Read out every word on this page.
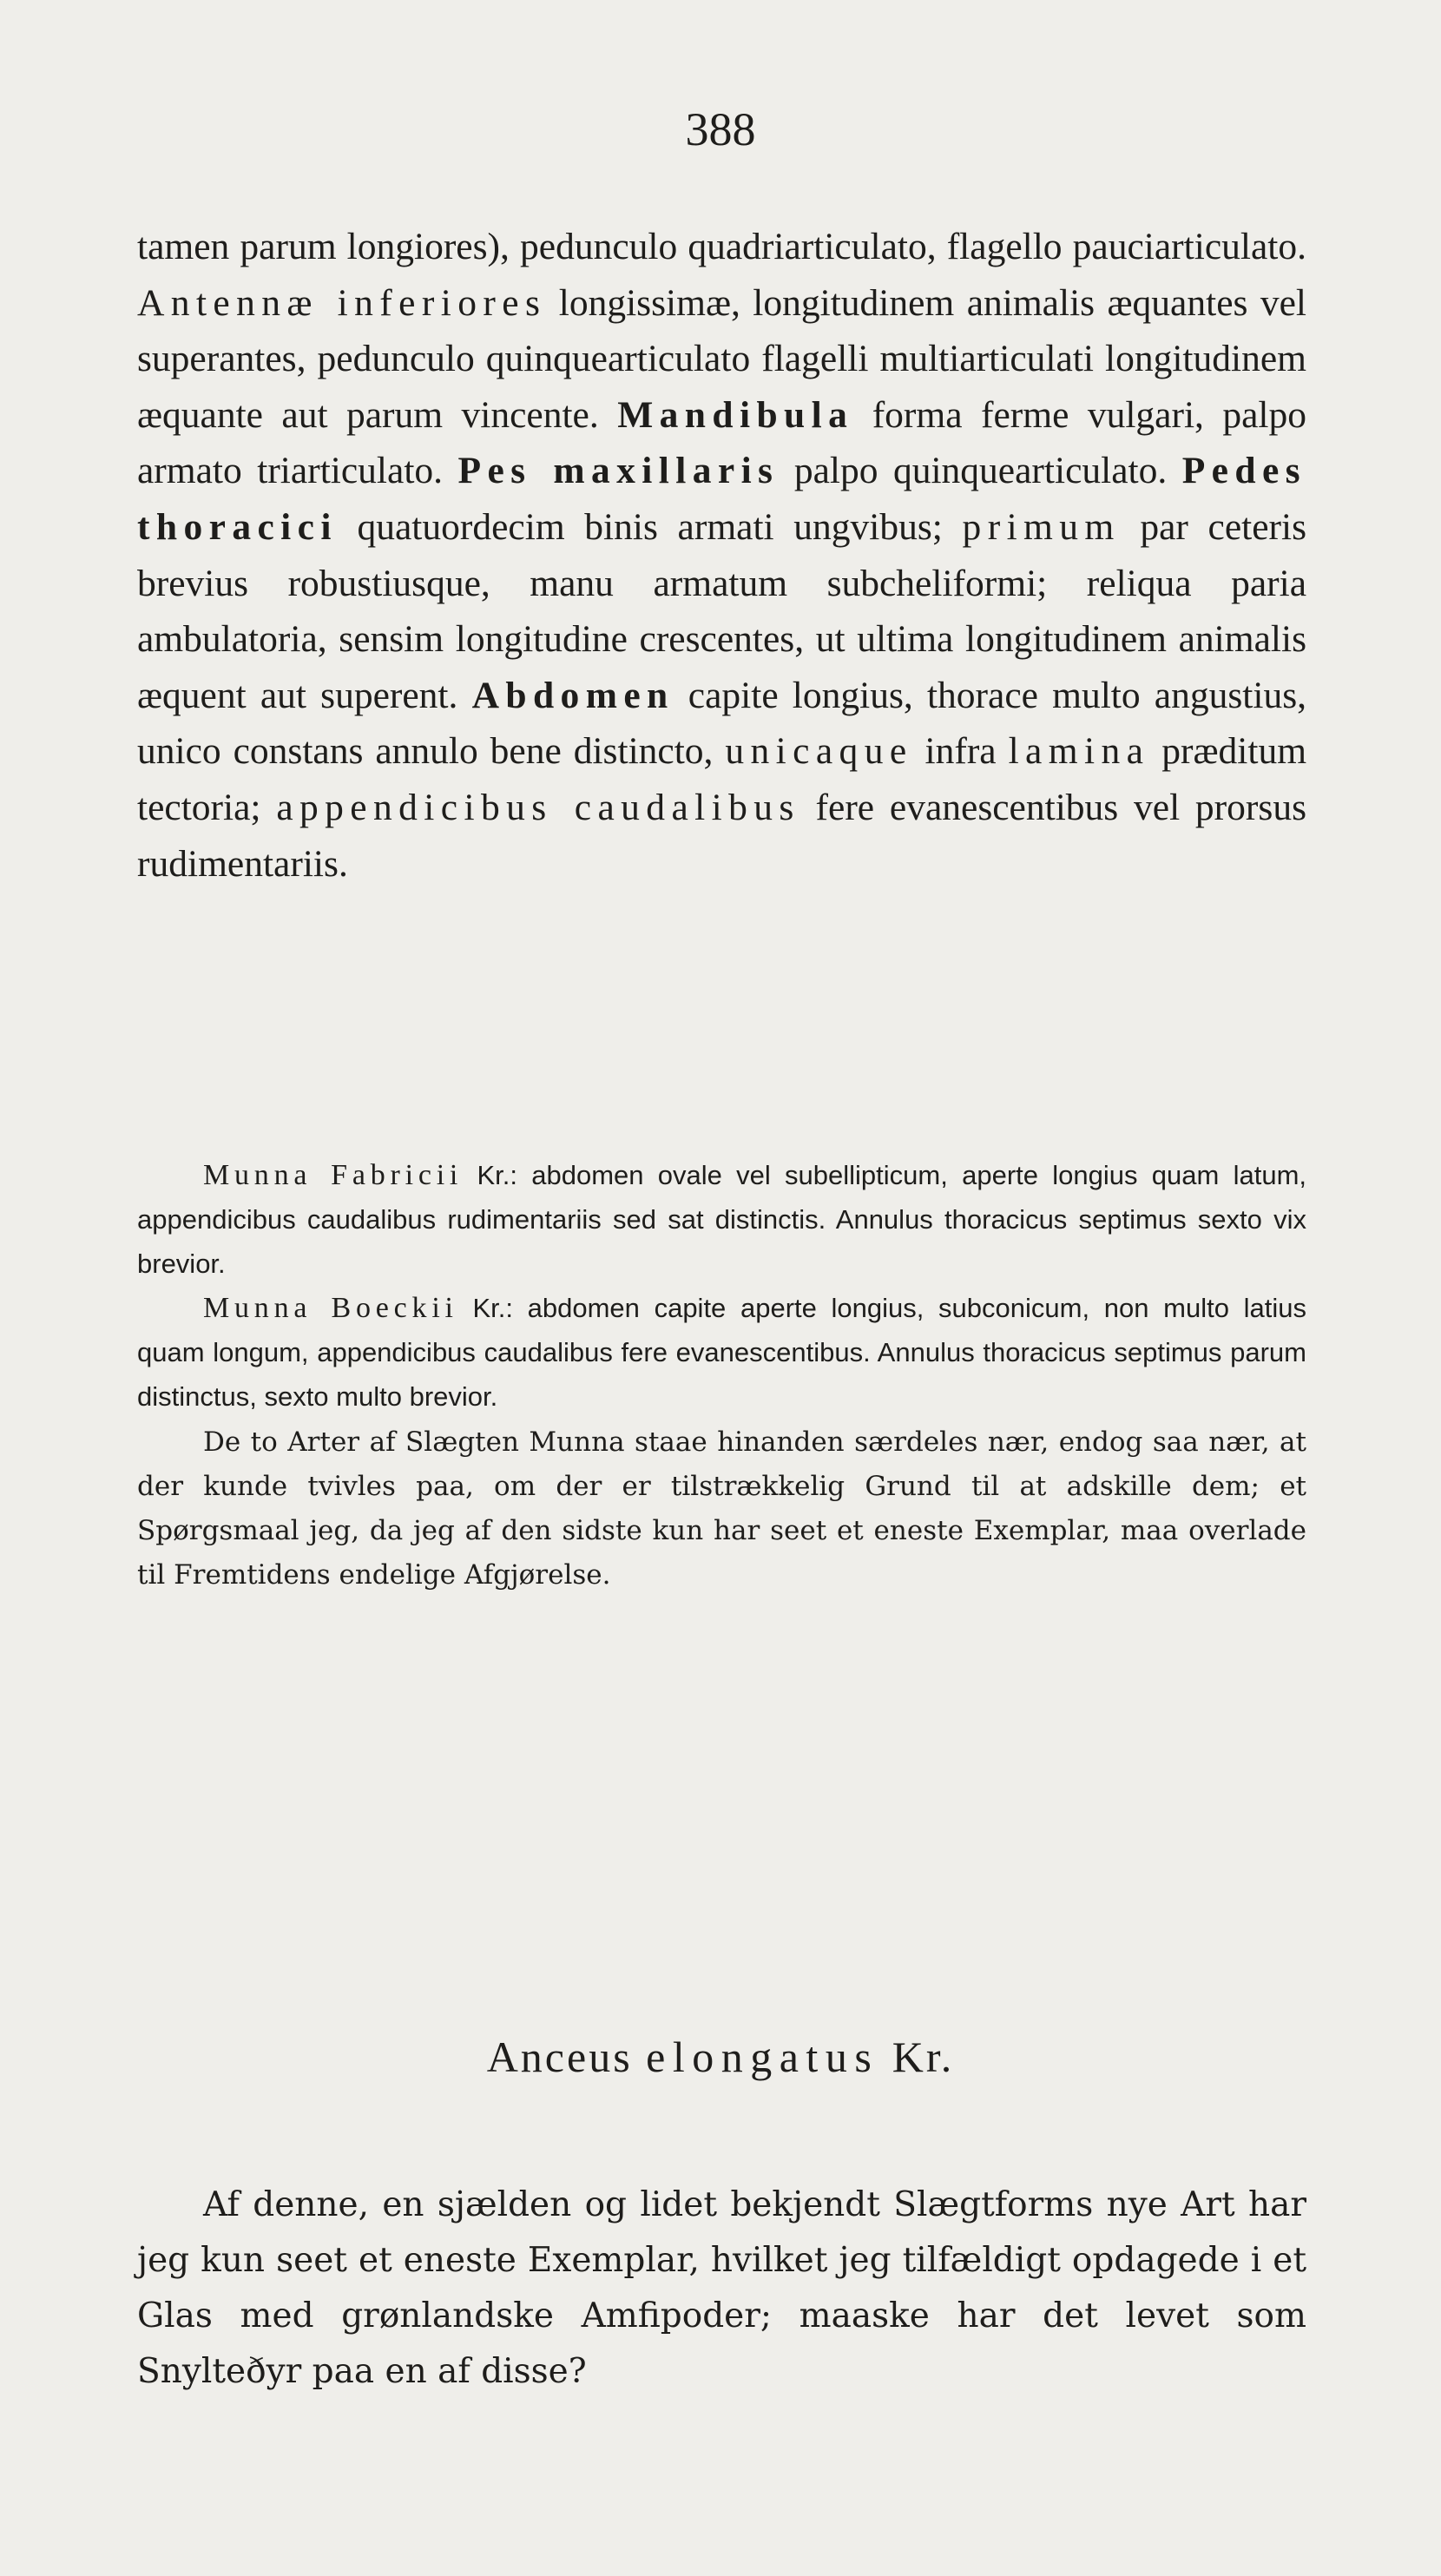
388

tamen parum longiores), pedunculo quadriarticulato, flagello pauciarticulato. Antennæ inferiores longissimæ, longitudinem animalis æquantes vel superantes, pedunculo quinquearticulato flagelli multiarticulati longitudinem æquante aut parum vincente. Mandibula forma ferme vulgari, palpo armato triarticulato. Pes maxillaris palpo quinquearticulato. Pedes thoracici quatuordecim binis armati ungvibus; primum par ceteris brevius robustiusque, manu armatum subcheliformi; reliqua paria ambulatoria, sensim longitudine crescentes, ut ultima longitudinem animalis æquent aut superent. Abdomen capite longius, thorace multo angustius, unico constans annulo bene distincto, unicaque infra lamina præditum tectoria; appendicibus caudalibus fere evanescentibus vel prorsus rudimentariis.

Munna Fabricii Kr.: abdomen ovale vel subellipticum, aperte longius quam latum, appendicibus caudalibus rudimentariis sed sat distinctis. Annulus thoracicus septimus sexto vix brevior.

Munna Boeckii Kr.: abdomen capite aperte longius, subconicum, non multo latius quam longum, appendicibus caudalibus fere evanescentibus. Annulus thoracicus septimus parum distinctus, sexto multo brevior.

De to Arter af Slægten Munna staae hinanden særdeles nær, endog saa nær, at der kunde tvivles paa, om der er tilstrækkelig Grund til at adskille dem; et Spørgsmaal jeg, da jeg af den sidste kun har seet et eneste Exemplar, maa overlade til Fremtidens endelige Afgjørelse.

Anceus elongatus Kr.

Af denne, en sjælden og lidet bekjendt Slægtforms nye Art har jeg kun seet et eneste Exemplar, hvilket jeg tilfældigt opdagede i et Glas med grønlandske Amfipoder; maaske har det levet som Snylteðyr paa en af disse?
